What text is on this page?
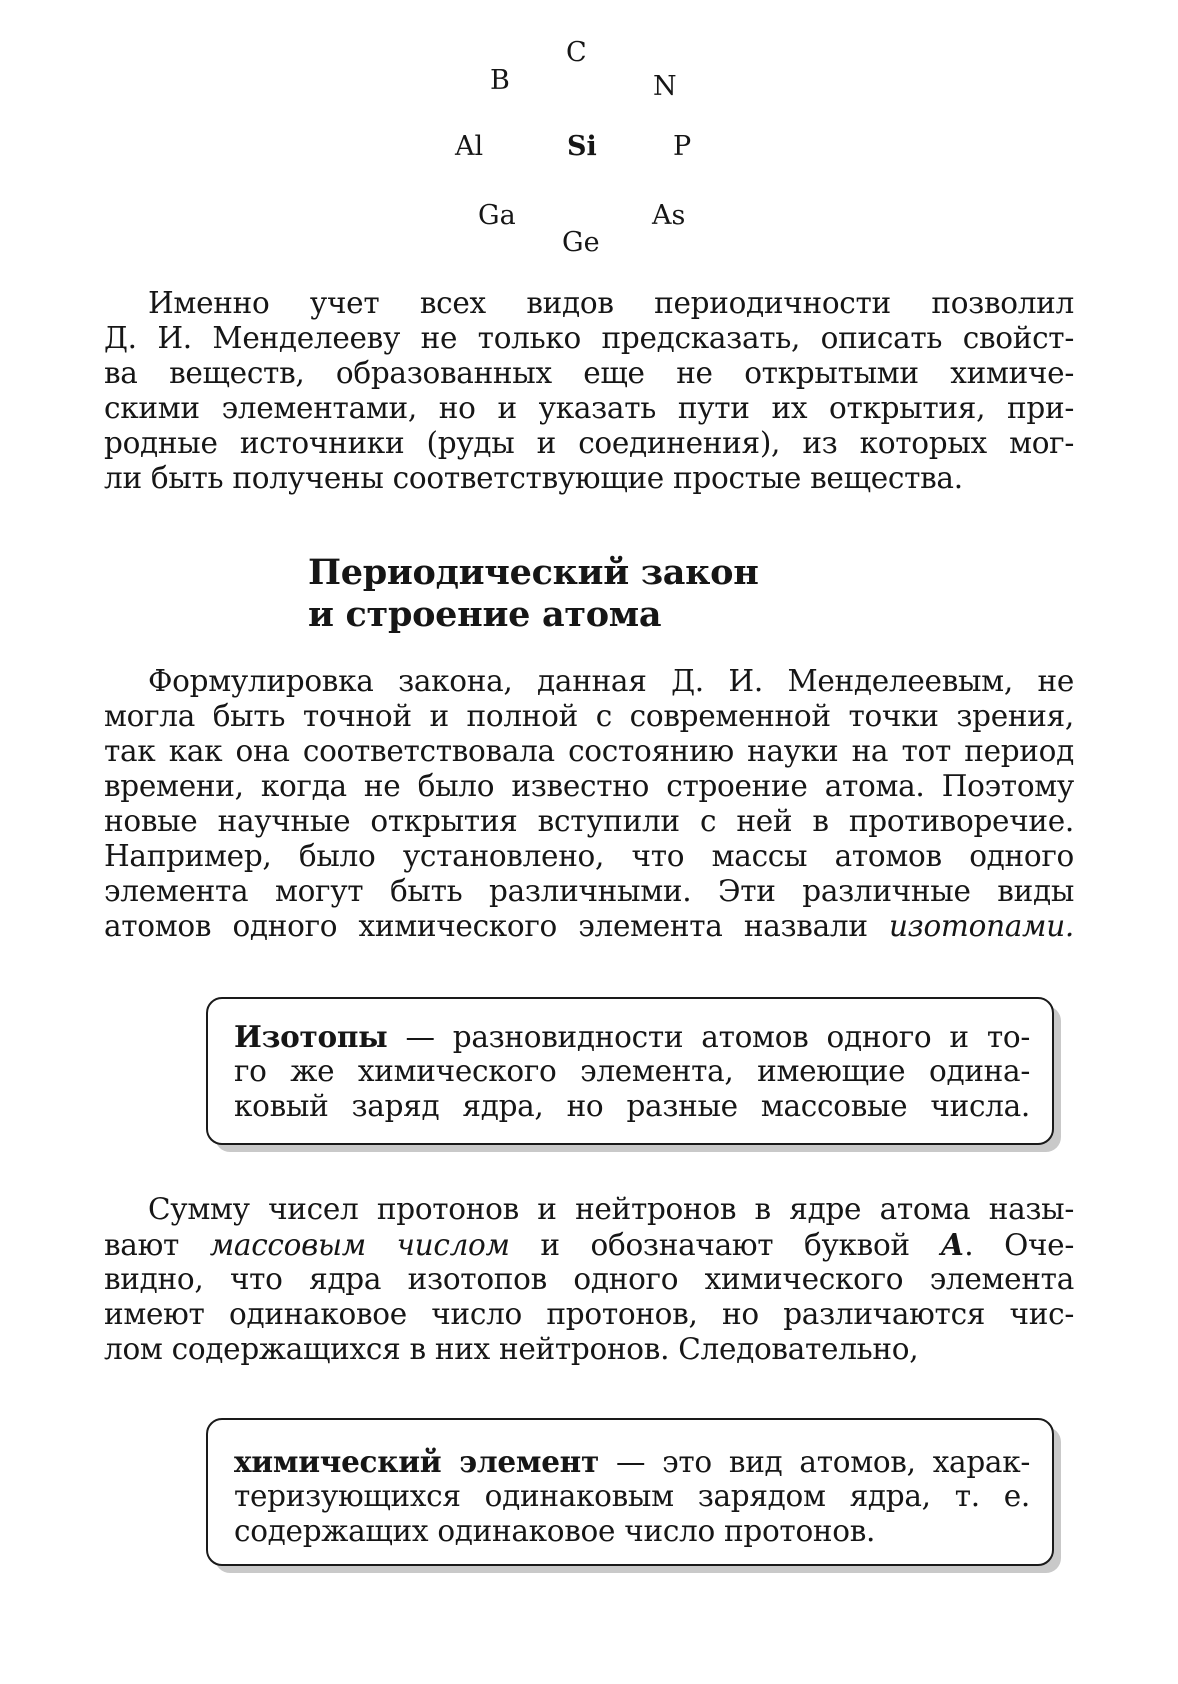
C
B	N
Al	Si	P
Ga	As
Ge
Именно учет всех видов периодичности позволил
Д. И. Менделееву не только предсказать, описать свойст-
ва веществ, образованных еще не открытыми химиче-
скими элементами, но и указать пути их открытия, при-
родные источники (руды и соединения), из которых мог-
ли быть получены соответствующие простые вещества.
Периодический закон
и строение атома
Формулировка закона, данная Д. И. Менделеевым, не
могла быть точной и полной с современной точки зрения,
так как она соответствовала состоянию науки на тот период
времени, когда не было известно строение атома. Поэтому
новые научные открытия вступили с ней в противоречие.
Например, было установлено, что массы атомов одного
элемента могут быть различными. Эти различные виды
атомов одного химического элемента назвали изотопами.
Изотопы — разновидности атомов одного и то-
го же химического элемента, имеющие одина-
ковый заряд ядра, но разные массовые числа.
Сумму чисел протонов и нейтронов в ядре атома назы-
вают массовым числом и обозначают буквой А. Оче-
видно, что ядра изотопов одного химического элемента
имеют одинаковое число протонов, но различаются чис-
лом содержащихся в них нейтронов. Следовательно,
химический элемент — это вид атомов, харак-
теризующихся одинаковым зарядом ядра, т. е.
содержащих одинаковое число протонов.
